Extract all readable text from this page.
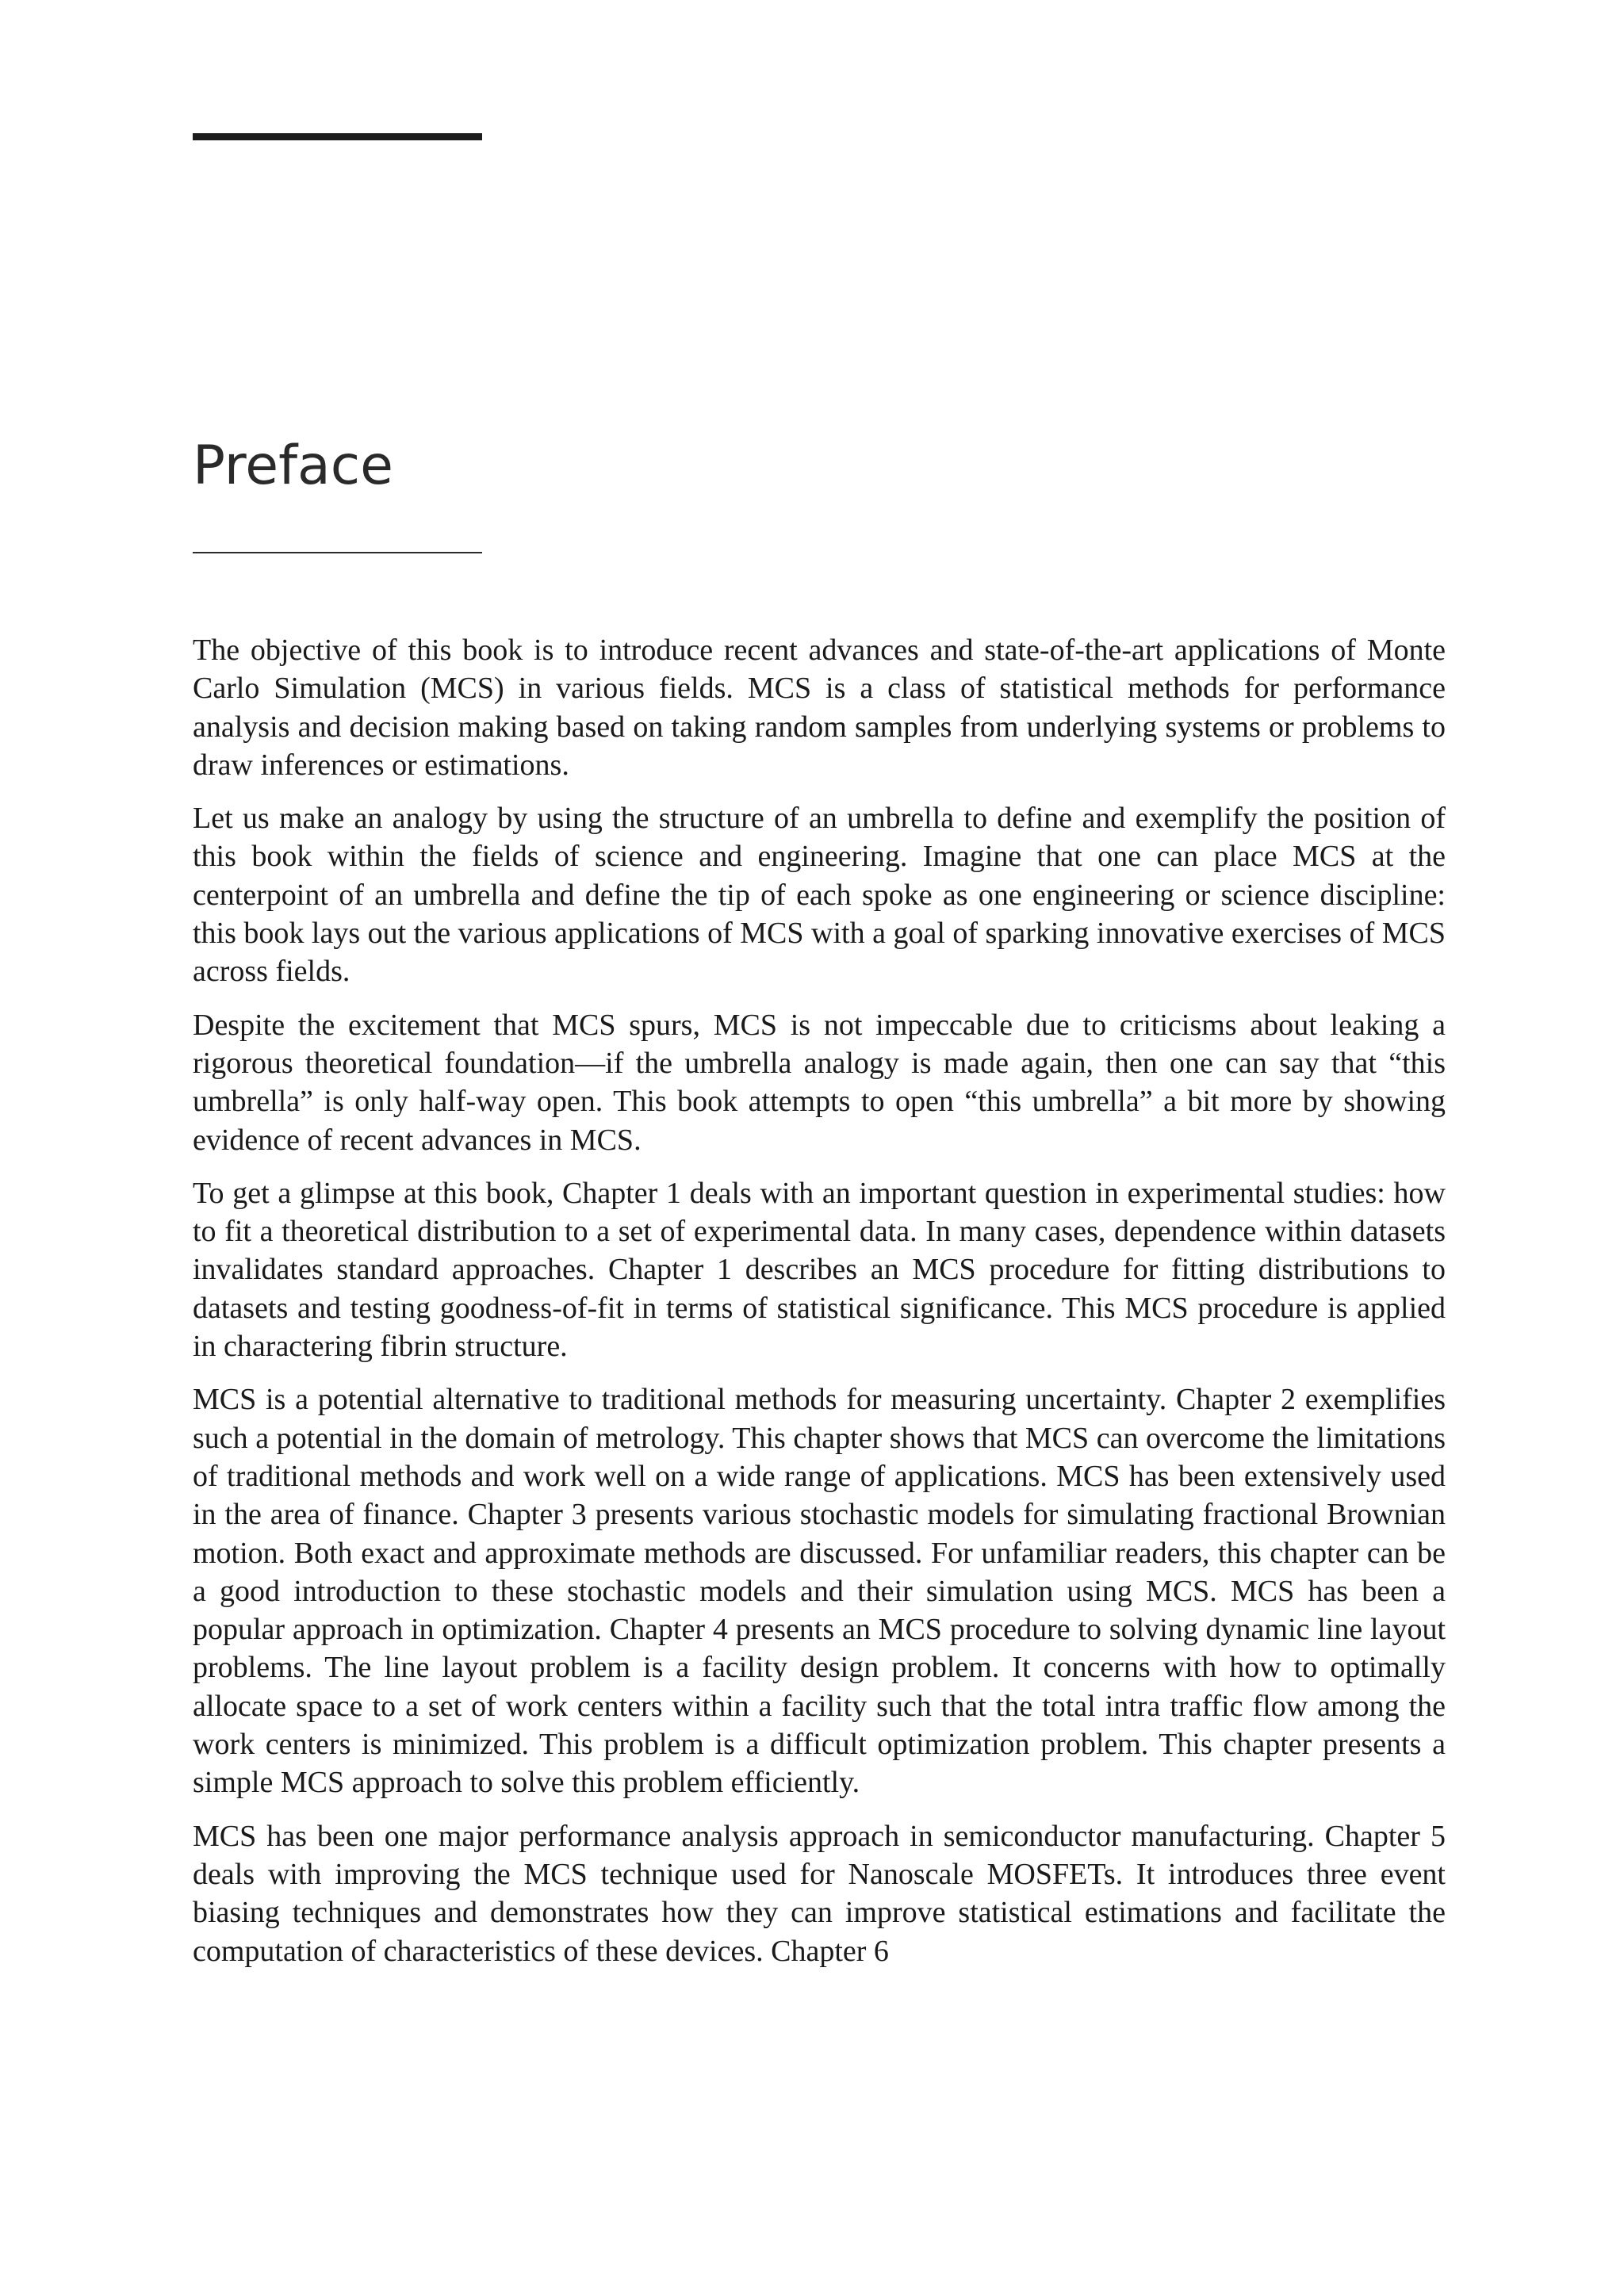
Preface

The objective of this book is to introduce recent advances and state-of-the-art applications of Monte Carlo Simulation (MCS) in various fields. MCS is a class of statistical methods for performance analysis and decision making based on taking random samples from underlying systems or problems to draw inferences or estimations.

Let us make an analogy by using the structure of an umbrella to define and exemplify the position of this book within the fields of science and engineering. Imagine that one can place MCS at the centerpoint of an umbrella and define the tip of each spoke as one engineering or science discipline: this book lays out the various applications of MCS with a goal of sparking innovative exercises of MCS across fields.

Despite the excitement that MCS spurs, MCS is not impeccable due to criticisms about leaking a rigorous theoretical foundation—if the umbrella analogy is made again, then one can say that “this umbrella” is only half-way open. This book attempts to open “this umbrella” a bit more by showing evidence of recent advances in MCS.

To get a glimpse at this book, Chapter 1 deals with an important question in experimental studies: how to fit a theoretical distribution to a set of experimental data. In many cases, dependence within datasets invalidates standard approaches. Chapter 1 describes an MCS procedure for fitting distributions to datasets and testing goodness-of-fit in terms of statistical significance. This MCS procedure is applied in charactering fibrin structure.

MCS is a potential alternative to traditional methods for measuring uncertainty. Chapter 2 exemplifies such a potential in the domain of metrology. This chapter shows that MCS can overcome the limitations of traditional methods and work well on a wide range of applications. MCS has been extensively used in the area of finance. Chapter 3 presents various stochastic models for simulating fractional Brownian motion. Both exact and approximate methods are discussed. For unfamiliar readers, this chapter can be a good introduction to these stochastic models and their simulation using MCS. MCS has been a popular approach in optimization. Chapter 4 presents an MCS procedure to solving dynamic line layout problems. The line layout problem is a facility design problem. It concerns with how to optimally allocate space to a set of work centers within a facility such that the total intra traffic flow among the work centers is minimized. This problem is a difficult optimization problem. This chapter presents a simple MCS approach to solve this problem efficiently.

MCS has been one major performance analysis approach in semiconductor manufacturing. Chapter 5 deals with improving the MCS technique used for Nanoscale MOSFETs. It introduces three event biasing techniques and demonstrates how they can improve statistical estimations and facilitate the computation of characteristics of these devices. Chapter 6
